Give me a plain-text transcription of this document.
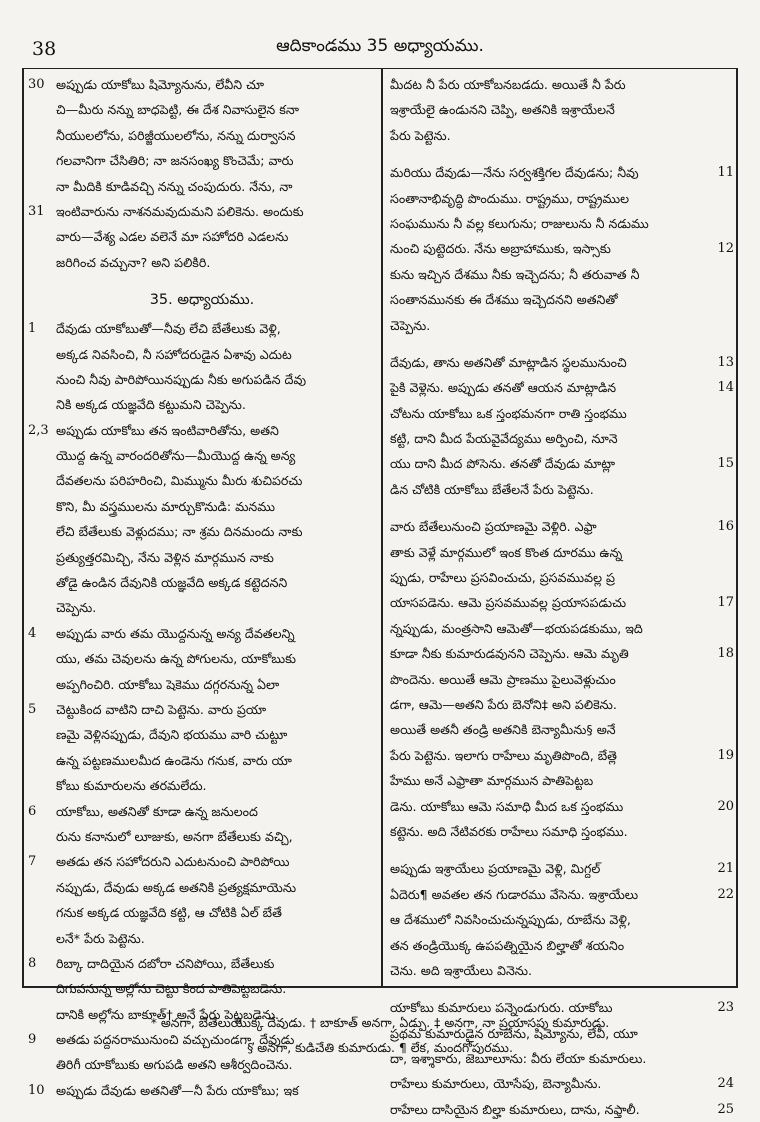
38	ఆదికాండము 35 అధ్యాయము.
30 అప్పుడు యాకోబు షిమ్యోనును, లేవీని చూ
చి—మీరు నన్ను బాధపెట్టి, ఈ దేశ నివాసులైన కనా
నీయులలోను, పరిజ్జీయులలోను, నన్ను దుర్వాసన
గలవానిగా చేసితిరి; నా జనసంఖ్య కొంచెమే; వారు
నా మీదికి కూడివచ్చి నన్ను చంపుదురు. నేను, నా
31 ఇంటివారును నాశనమవుదుమని పలికెను. అందుకు
వారు—వేశ్య ఎడల వలెనే మా సహోదరి ఎడలను
జరిగించ వచ్చునా? అని పలికిరి.
35. అధ్యాయము.
1 దేవుడు యాకోబుతో—నీవు లేచి బేతేలుకు వెళ్లి,
అక్కడ నివసించి, నీ సహోదరుడైన ఏశావు ఎదుట
నుంచి నీవు పారిపోయినప్పుడు నీకు అగుపడిన దేవు
నికి అక్కడ యజ్ఞవేది కట్టుమని చెప్పెను.
2,3 అప్పుడు యాకోబు తన ఇంటివారితోను, అతని
యొద్ద ఉన్న వారందరితోను—మీయొద్ద ఉన్న అన్య
దేవతలను పరిహరించి, మిమ్మును మీరు శుచిపరచు
కొని, మీ వస్త్రములను మార్చుకొనుడి: మనము
లేచి బేతేలుకు వెళ్లుదము; నా శ్రమ దినమందు నాకు
ప్రత్యుత్తరమిచ్చి, నేను వెళ్లిన మార్గమున నాకు
తోడై ఉండిన దేవునికి యజ్ఞవేది అక్కడ కట్టెదనని
చెప్పెను.
4 అప్పుడు వారు తమ యొద్దనున్న అన్య దేవతలన్ని
యు, తమ చెవులను ఉన్న పోగులను, యాకోబుకు
అప్పగించిరి. యాకోబు షెకెము దగ్గరనున్న ఏలా
5 చెట్టుకింద వాటిని దాచి పెట్టెను. వారు ప్రయా
ణమై వెళ్లినప్పుడు, దేవుని భయము వారి చుట్టూ
ఉన్న పట్టణములమీద ఉండెను గనుక, వారు యా
కోబు కుమారులను తరమలేదు.
6 యాకోబు, అతనితో కూడా ఉన్న జనులంద
రును కనానులో లూజుకు, అనగా బేతేలుకు వచ్చి,
7 అతడు తన సహోదరుని ఎదుటనుంచి పారిపోయి
నప్పుడు, దేవుడు అక్కడ అతనికి ప్రత్యక్షమాయెను
గనుక అక్కడ యజ్ఞవేది కట్టి, ఆ చోటికి ఏల్ బేతే
లనే* పేరు పెట్టెను.
8 రిబ్కా దాదియైన దబోరా చనిపోయి, బేతేలుకు
దిగువనున్న అల్లోను చెట్టు కింద పాతిపెట్టబడెను.
దానికి అల్లోను బాకూత్† అనే పేరు పెట్టబడెను.
9 అతడు పద్దనరామునుంచి వచ్చుచుండగా, దేవుడు
తిరిగీ యాకోబుకు అగుపడి అతని ఆశీర్వదించెను.
10 అప్పుడు దేవుడు అతనితో—నీ పేరు యాకోబు; ఇక
మీదట నీ పేరు యాకోబనబడదు. అయితే నీ పేరు
ఇశ్రాయేలై ఉండునని చెప్పి, అతనికి ఇశ్రాయేలనే
పేరు పెట్టెను.
11
మరియు దేవుడు—నేను సర్వశక్తిగల దేవుడను; నీవు
సంతానాభివృద్ధి పొందుము. రాష్ట్రము, రాష్ట్రముల
సంఘమును నీ వల్ల కలుగును; రాజులును నీ నడుము
12
నుంచి పుట్టెదరు. నేను అబ్రాహాముకు, ఇస్సాకు
కును ఇచ్చిన దేశము నీకు ఇచ్చెదను; నీ తరువాత నీ
సంతానమునకు ఈ దేశము ఇచ్చెదనని అతనితో
చెప్పెను.
13
దేవుడు, తాను అతనితో మాట్లాడిన స్థలమునుంచి
14
పైకి వెళ్లెను. అప్పుడు తనతో ఆయన మాట్లాడిన
చోటను యాకోబు ఒక స్తంభమనగా రాతి స్తంభము
కట్టి, దాని మీద పేయవైవేద్యము అర్పించి, నూనె
15
యు దాని మీద పోసెను. తనతో దేవుడు మాట్లా
డిన చోటికి యాకోబు బేతేలనే పేరు పెట్టెను.
16
వారు బేతేలునుంచి ప్రయాణమై వెళ్లిరి. ఎఫ్రా
తాకు వెళ్లే మార్గములో ఇంక కొంత దూరము ఉన్న
ప్పుడు, రాహేలు ప్రసవించుచు, ప్రసవమువల్ల ప్ర
17
యాసపడెను. ఆమె ప్రసవమువల్ల ప్రయాసపడుచు
న్నప్పుడు, మంత్రసాని ఆమెతో—భయపడకుము, ఇది
18
కూడా నీకు కుమారుడవునని చెప్పెను. ఆమె మృతి
పొందెను. అయితే ఆమె ప్రాణము పైలువెళ్లుచుం
డగా, ఆమె—అతని పేరు బెనోని‡ అని పలికెను.
అయితే అతనీ తండ్రి అతనికి బెన్యామీను§ అనే
19
పేరు పెట్టెను. ఇలాగు రాహేలు మృతిపొంది, బేత్లె
హేము అనే ఎఫ్రాతా మార్గమున పాతిపెట్టబ
20
డెను. యాకోబు ఆమె సమాధి మీద ఒక స్తంభము
కట్టెను. అది నేటివరకు రాహేలు సమాధి స్తంభము.
21
అప్పుడు ఇశ్రాయేలు ప్రయాణమై వెళ్లి, మిగ్దల్
22
ఏదెరు¶ అవతల తన గుడారము వేసెను. ఇశ్రాయేలు
ఆ దేశములో నివసించుచున్నప్పుడు, రూబేను వెళ్లి,
తన తండ్రియొక్క ఉపపత్నియైన బిల్హాతో శయనిం
చెను. అది ఇశ్రాయేలు వినెను.
23
యాకోబు కుమారులు పన్నెండుగురు. యాకోబు
ప్రథమ కుమారుడైన రూబేను, షిమ్యోను, లేవీ, యూ
దా, ఇశ్శాకారు, జెబూలూను: వీరు లేయా కుమారులు.
24
రాహేలు కుమారులు, యోసేపు, బెన్యామీను.
25
రాహేలు దాసియైన బిల్హా కుమారులు, దాను, నఫ్తాలీ.
* అనగా, బేతేలుయొక్క దేవుడు. † బాకూత్ అనగా, ఏడ్పు. ‡ అనగా, నా ప్రయాసపు కుమారుడు.
§ అనగా, కుడిచేతి కుమారుడు. ¶ లేక, మందగోపురము.
